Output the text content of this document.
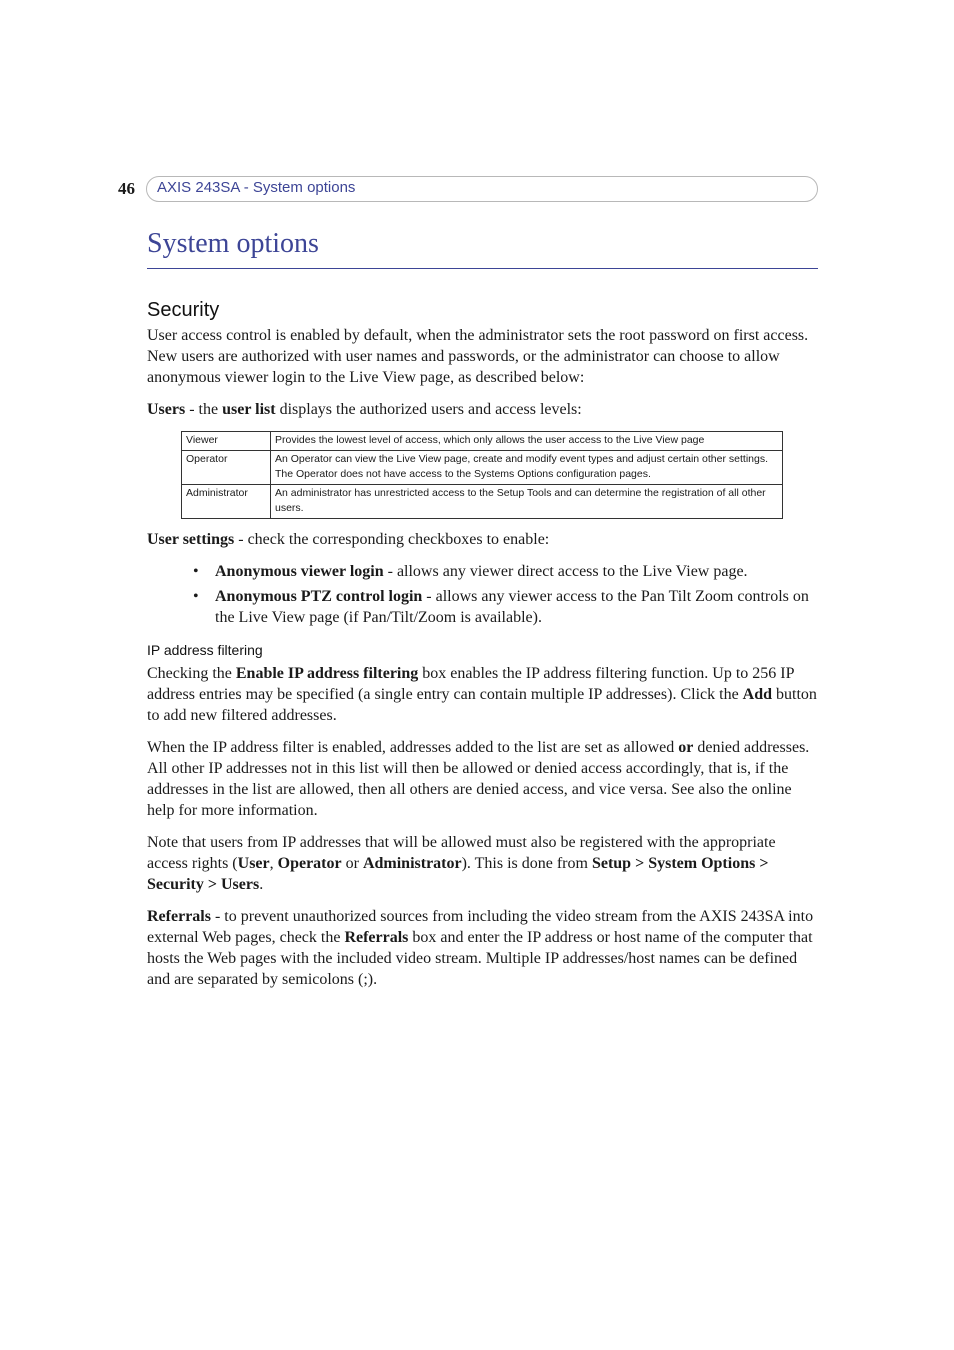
46 AXIS 243SA - System options
System options
Security

User access control is enabled by default, when the administrator sets the root password on first access. New users are authorized with user names and passwords, or the administrator can choose to allow anonymous viewer login to the Live View page, as described below:

Users - the user list displays the authorized users and access levels:

Viewer	Provides the lowest level of access, which only allows the user access to the Live View page
Operator	An Operator can view the Live View page, create and modify event types and adjust certain other settings. The Operator does not have access to the Systems Options configuration pages.
Administrator	An administrator has unrestricted access to the Setup Tools and can determine the registration of all other users.

User settings - check the corresponding checkboxes to enable:

• Anonymous viewer login - allows any viewer direct access to the Live View page.
• Anonymous PTZ control login - allows any viewer access to the Pan Tilt Zoom controls on the Live View page (if Pan/Tilt/Zoom is available).
IP address filtering

Checking the Enable IP address filtering box enables the IP address filtering function. Up to 256 IP address entries may be specified (a single entry can contain multiple IP addresses). Click the Add button to add new filtered addresses.

When the IP address filter is enabled, addresses added to the list are set as allowed or denied addresses. All other IP addresses not in this list will then be allowed or denied access accordingly, that is, if the addresses in the list are allowed, then all others are denied access, and vice versa. See also the online help for more information.

Note that users from IP addresses that will be allowed must also be registered with the appropriate access rights (User, Operator or Administrator). This is done from Setup > System Options > Security > Users.

Referrals - to prevent unauthorized sources from including the video stream from the AXIS 243SA into external Web pages, check the Referrals box and enter the IP address or host name of the computer that hosts the Web pages with the included video stream. Multiple IP addresses/host names can be defined and are separated by semicolons (;).
